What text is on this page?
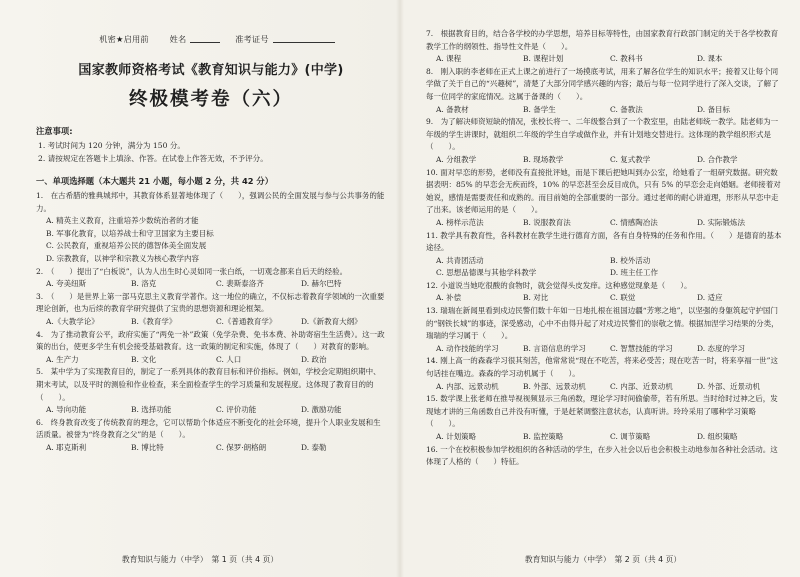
机密★启用前	姓名	准考证号
国家教师资格考试《教育知识与能力》(中学)
终极模考卷（六）
注意事项:
1. 考试时间为 120 分钟，满分为 150 分。
2. 请按规定在答题卡上填涂、作答。在试卷上作答无效，不予评分。
一、单项选择题（本大题共 21 小题，每小题 2 分，共 42 分）
1.　在古希腊的雅典城邦中，其教育体系显著地体现了（　　），强调公民的全面发展与参与公共事务的能力。
A. 精英主义教育，注重培养少数统治者的才能
B. 军事化教育，以培养战士和守卫国家为主要目标
C. 公民教育，重视培养公民的德智体美全面发展
D. 宗教教育，以神学和宗教义为核心教学内容
2.　（　　）提出了“白板说”，认为人出生时心灵如同一张白纸，一切观念都来自后天的经验。
A. 夸美纽斯	B. 洛克	C. 裴斯泰洛齐	D. 赫尔巴特
3.　（　　）是世界上第一部马克思主义教育学著作。这一地位的确立，不仅标志着教育学领域的一次重要理论创新，也为后续的教育学研究提供了宝贵的思想资源和理论框架。
A.《大教学论》	B.《教育学》	C.《普通教育学》	D.《新教育大纲》
4.　为了推动教育公平，政府实施了“两免一补”政策（免学杂费、免书本费、补助寄宿生生活费）。这一政策的出台，使更多学生有机会接受基础教育。这一政策的制定和实施，体现了（　　）对教育的影响。
A. 生产力	B. 文化	C. 人口	D. 政治
5.　某中学为了实现教育目的，制定了一系列具体的教育目标和评价指标。例如，学校会定期组织期中、期末考试，以及平时的测验和作业检查，来全面检查学生的学习质量和发展程度。这体现了教育目的的（　　）。
A. 导向功能	B. 选择功能	C. 评价功能	D. 激励功能
6.　终身教育改变了传统教育的理念，它可以帮助个体适应不断变化的社会环境，提升个人职业发展和生活质量。被誉为“终身教育之父”的是（　　）。
A. 耶克斯利	B. 博比特	C. 保罗·朗格朗	D. 泰勒
教育知识与能力（中学）　第 1 页（共 4 页）
7.　根据教育目的，结合各学校的办学思想，培养目标等特性，由国家教育行政部门制定的关于各学校教育教学工作的纲领性、指导性文件是（　　）。
A. 课程	B. 课程计划	C. 教科书	D. 课本
8.　刚入职的李老师在正式上课之前进行了一场摸底考试，用来了解各位学生的知识水平；接着又让每个同学做了关于自己的“兴趣树”，清楚了大部分同学感兴趣的内容；最后与每一位同学进行了深入交谈，了解了每一位同学的家庭情况。这属于备课的（　　）。
A. 备教材	B. 备学生	C. 备教法	D. 备目标
9.　为了解决师资短缺的情况，张校长将一、二年级整合到了一个教室里，由陆老师统一教学。陆老师为一年级的学生讲课时，就组织二年级的学生自学或做作业，并有计划地交替进行。这体现的教学组织形式是（　　）。
A. 分组教学	B. 现场教学	C. 复式教学	D. 合作教学
10. 面对早恋的形势，老师没有直接批评她，而是下课后把她叫到办公室，给她看了一组研究数据。研究数据表明：85% 的早恋会无疾而终，10% 的早恋甚至会反目成仇，只有 5% 的早恋会走向婚姻。老师接着对她说，感情是需要责任和成熟的。而目前她的全部重要的一部分。通过老师的耐心讲道理，形形从早恋中走了出来。该老师运用的是（　　）。
A. 榜样示范法	B. 说服教育法	C. 情感陶冶法	D. 实际锻炼法
11. 教学具有教育性，各科教材在教学生进行德育方面，各有自身特殊的任务和作用。（　　）是德育的基本途径。
A. 共青团活动	B. 校外活动
C. 思想品德课与其他学科教学	D. 班主任工作
12. 小道说当她吃很酸的食物时，就会觉得头皮发痒。这种感觉现象是（　　）。
A. 补偿	B. 对比	C. 联觉	D. 适应
13. 瑞瑞在新闻里看到戍边民警们数十年如一日地扎根在祖国边疆“芳寒之地”，以坚强的身躯筑起守护国门的“钢铁长城”的事迹，深受感动，心中不由得升起了对戍边民警们的崇敬之情。根据加涅学习结果的分类，瑞瑞的学习属于（　　）。
A. 动作技能的学习	B. 言语信息的学习	C. 智慧技能的学习	D. 态度的学习
14. 刚上高一的森森学习很其刻苦，他常常说“现在不吃苦，将来必受苦；现在吃苦一时，将来享福一世”这句话挂在嘴边。森森的学习动机属于（　　）。
A. 内部、远景动机	B. 外部、远景动机	C. 内部、近景动机	D. 外部、近景动机
15. 数学课上张老师在推导视视频显示三角函数，理论学习时间偷偷带，若有所思。当时给时过神之后，发现她才讲的三角函数自己并没有听懂，于是赶紧调整注意状态，认真听讲。玲玲采用了哪种学习策略（　　）。
A. 计划策略	B. 监控策略	C. 调节策略	D. 组织策略
16. 一个在校积极参加学校组织的各种活动的学生，在步入社会以后也会积极主动地参加各种社会活动。这体现了人格的（　　）特征。
教育知识与能力（中学）　第 2 页（共 4 页）
